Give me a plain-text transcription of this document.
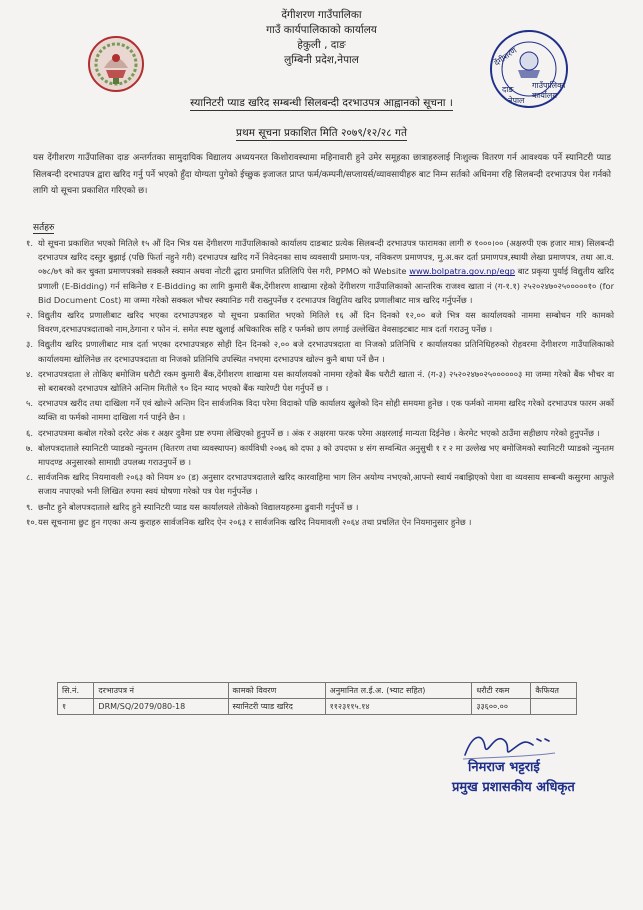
देंगीशरण गाउँपालिका
गाउँ कार्यपालिकाको कार्यालय
हेकुली , दाङ
लुम्बिनी प्रदेश,नेपाल	देंगीशरण
गाउँपालिका
कार्यालय
दाङ
नेपाल
स्यानिटरी प्याड खरिद सम्बन्धी सिलबन्दी दरभाउपत्र आह्वानको सूचना ।
प्रथम सूचना प्रकाशित मिति २०७९/१२/२८ गते
यस देंगीशरण गाउँपालिका दाङ अन्तर्गतका सामुदायिक विद्यालय अध्ययनरत किशोरावस्थामा महिनावारी हुने उमेर समूहका छात्राहरुलाई निःशुल्क वितरण गर्न आवश्यक पर्ने स्यानिटरी प्याड सिलबन्दी दरभाउपत्र द्वारा खरिद गर्नु पर्ने भएको हुँदा योग्यता पुगेको ईच्छुक इजाजत प्राप्त फर्म/कम्पनी/सप्लायर्स/व्यावसायीहरु बाट निम्न सर्तको अधिनमा रहि सिलबन्दी दरभाउपत्र पेश गर्नको लागि यो सूचना प्रकाशित गरिएको छ।
सर्तहरु
१. यो सूचना प्रकाशित भएको मितिले १५ औं दिन भित्र यस देंगीशरण गाउँपालिकाको कार्यालय दाङबाट प्रत्येक सिलबन्दी दरभाउपत्र फारामका लागी रु १०००।०० (अक्षरुपी एक हजार मात्र) सिलबन्दी दरभाउपत्र खरिद दस्तुर बुझाई (पछि फिर्ता नहुने गरी) दरभाउपत्र खरिद गर्ने निवेदनका साथ व्यवसायी प्रमाण-पत्र, नविकरण प्रमाणपत्र, मु.अ.कर दर्ता प्रमाणपत्र,स्थायी लेखा प्रमाणपत्र, तथा आ.व. ०७८/७९ को कर चुक्ता प्रमाणपत्रको सक्कलै स्क्यान अथवा नोटरी द्धारा प्रमाणित प्रतिलिपि पेस गरी, PPMO को Website www.bolpatra.gov.np/egp बाट प्रकृया पुर्याई विद्युतीय खरिद प्रणाली (E-Bidding) गर्न सकिनेछ र E-Bidding का लागि कुमारी बैंक,देंगीशरण शाखामा रहेको देंगीशरण गाउँपालिकाको आन्तरिक राजश्व खाता नं (ग-१.१) २५२०२४७०२५०००००१० (for Bid Document Cost) मा जम्मा गरेको सक्कल भौचर स्क्यानिङ गरी राख्नुपर्नेछ र दरभाउपत्र विद्युतिय खरिद प्रणालीबाट मात्र खरिद गर्नुपर्नेछ ।
२. विद्युतीय खरिद प्रणालीबाट खरिद भएका दरभाउपत्रहरु यो सूचना प्रकाशित भएको मितिले १६ औं दिन दिनको १२,०० बजे भित्र यस कार्यालयको नाममा सम्बोधन गरि कामको विवरण,दरभाउपत्रदाताको नाम,ठेगाना र फोन नं. समेत स्पष्ट खुलाई अधिकारिक सहि र फर्मको छाप लगाई उल्लेखित वेवसाइटबाट मात्र दर्ता गराउनु पर्नेछ ।
३. विद्युतीय खरिद प्रणालीबाट मात्र दर्ता भएका दरभाउपत्रहरु सोही दिन दिनको २,०० बजे दरभाउपत्रदाता वा निजको प्रतिनिधि र कार्यालयका प्रतिनिधिहरुको रोहवरमा देंगीशरण गाउँपालिकाको कार्यालयमा खोलिनेछ तर दरभाउपत्रदाता वा निजको प्रतिनिधि उपस्थित नभएमा दरभाउपत्र खोल्न कुनै बाधा पर्ने छैन ।
४. दरभाउपत्रदाता ले तोकिए बमोजिम धरौटी रकम कुमारी बैंक,देंगीशरण शाखामा यस कार्यालयको नाममा रहेको बैंक धरौटी खाता नं. (ग-३) २५२०२४७०२५००००००३ मा जम्मा गरेको बैंक भौचर वा सो बराबरको दरभाउपत्र खोलिने अन्तिम मितीले ९० दिन म्याद भएको बैंक ग्यारेण्टी पेश गर्नुपर्ने छ ।
५. दरभाउपत्र खरीद तथा दाखिला गर्ने एवं खोल्ने अन्तिम दिन सार्वजनिक विदा परेमा विदाको पछि कार्यालय खुलेको दिन सोही समयमा हुनेछ । एक फर्मको नाममा खरिद गरेको दरभाउपत्र फारम अर्को व्यक्ति वा फर्मको नाममा दाखिला गर्न पाईने छैन ।
६. दरभाउपत्रमा कबोल गरेको दररेट अंक र अक्षर दुवैमा प्रष्ट रुपमा लेखिएको हुनुपर्ने छ । अंक र अक्षरमा फरक परेमा अक्षरलाई मान्यता दिईनेछ । केरमेट भएको ठाउँमा सहीछाप गरेको हुनुपर्नेछ ।
७. बोलपत्रदाताले स्यानिटरी प्याडको न्युनतम (वितरण तथा व्यवस्थापन) कार्यविधी २०७६ को दफा ३ को उपदफा ४ संग सम्वन्धित अनुसुची १ र २ मा उल्लेख भए बमोजिमको स्यानिटरी प्याडको न्युनतम मापदण्ड अनुसारको सामाग्री उपलब्ध गराउनुपर्ने छ ।
८. सार्वजनिक खरिद नियमावली २०६३ को नियम ४० (ड) अनुसार दरभाउपत्रदाताले खरिद कारवाहिमा भाग लिन अयोग्य नभएको,आफ्नो स्वार्थ नबाझिएको पेशा वा व्यवसाय सम्बन्धी कसुरमा आफुले सजाय नपाएको भनी लिखित रुपमा स्वयं घोषणा गरेको पत्र पेश गर्नुपर्नेछ ।
९. छनौट हुने बोलपत्रदाताले खरिद हुने स्यानिटरी प्याड यस कार्यालयले तोकेको विद्यालयहरुमा ढुवानी गर्नुपर्ने छ ।
१०. यस सूचनामा छुट हुन गएका अन्य कुराहरु सार्वजनिक खरिद ऐन २०६३ र सार्वजनिक खरिद नियमावली २०६४ तथा प्रचलित ऐन नियमानुसार हुनेछ ।
सि.नं.	दरभाउपत्र नं	कामको विवरण	अनुमानित ल.ई.अ. (भ्याट सहित)	धरौटी रकम	कैफियत
१	DRM/SQ/2079/080-18	स्यानिटरी प्याड खरिद	११२३११५.१४	३३६००.००	
निमराज भट्टराई
प्रमुख प्रशासकीय अधिकृत
